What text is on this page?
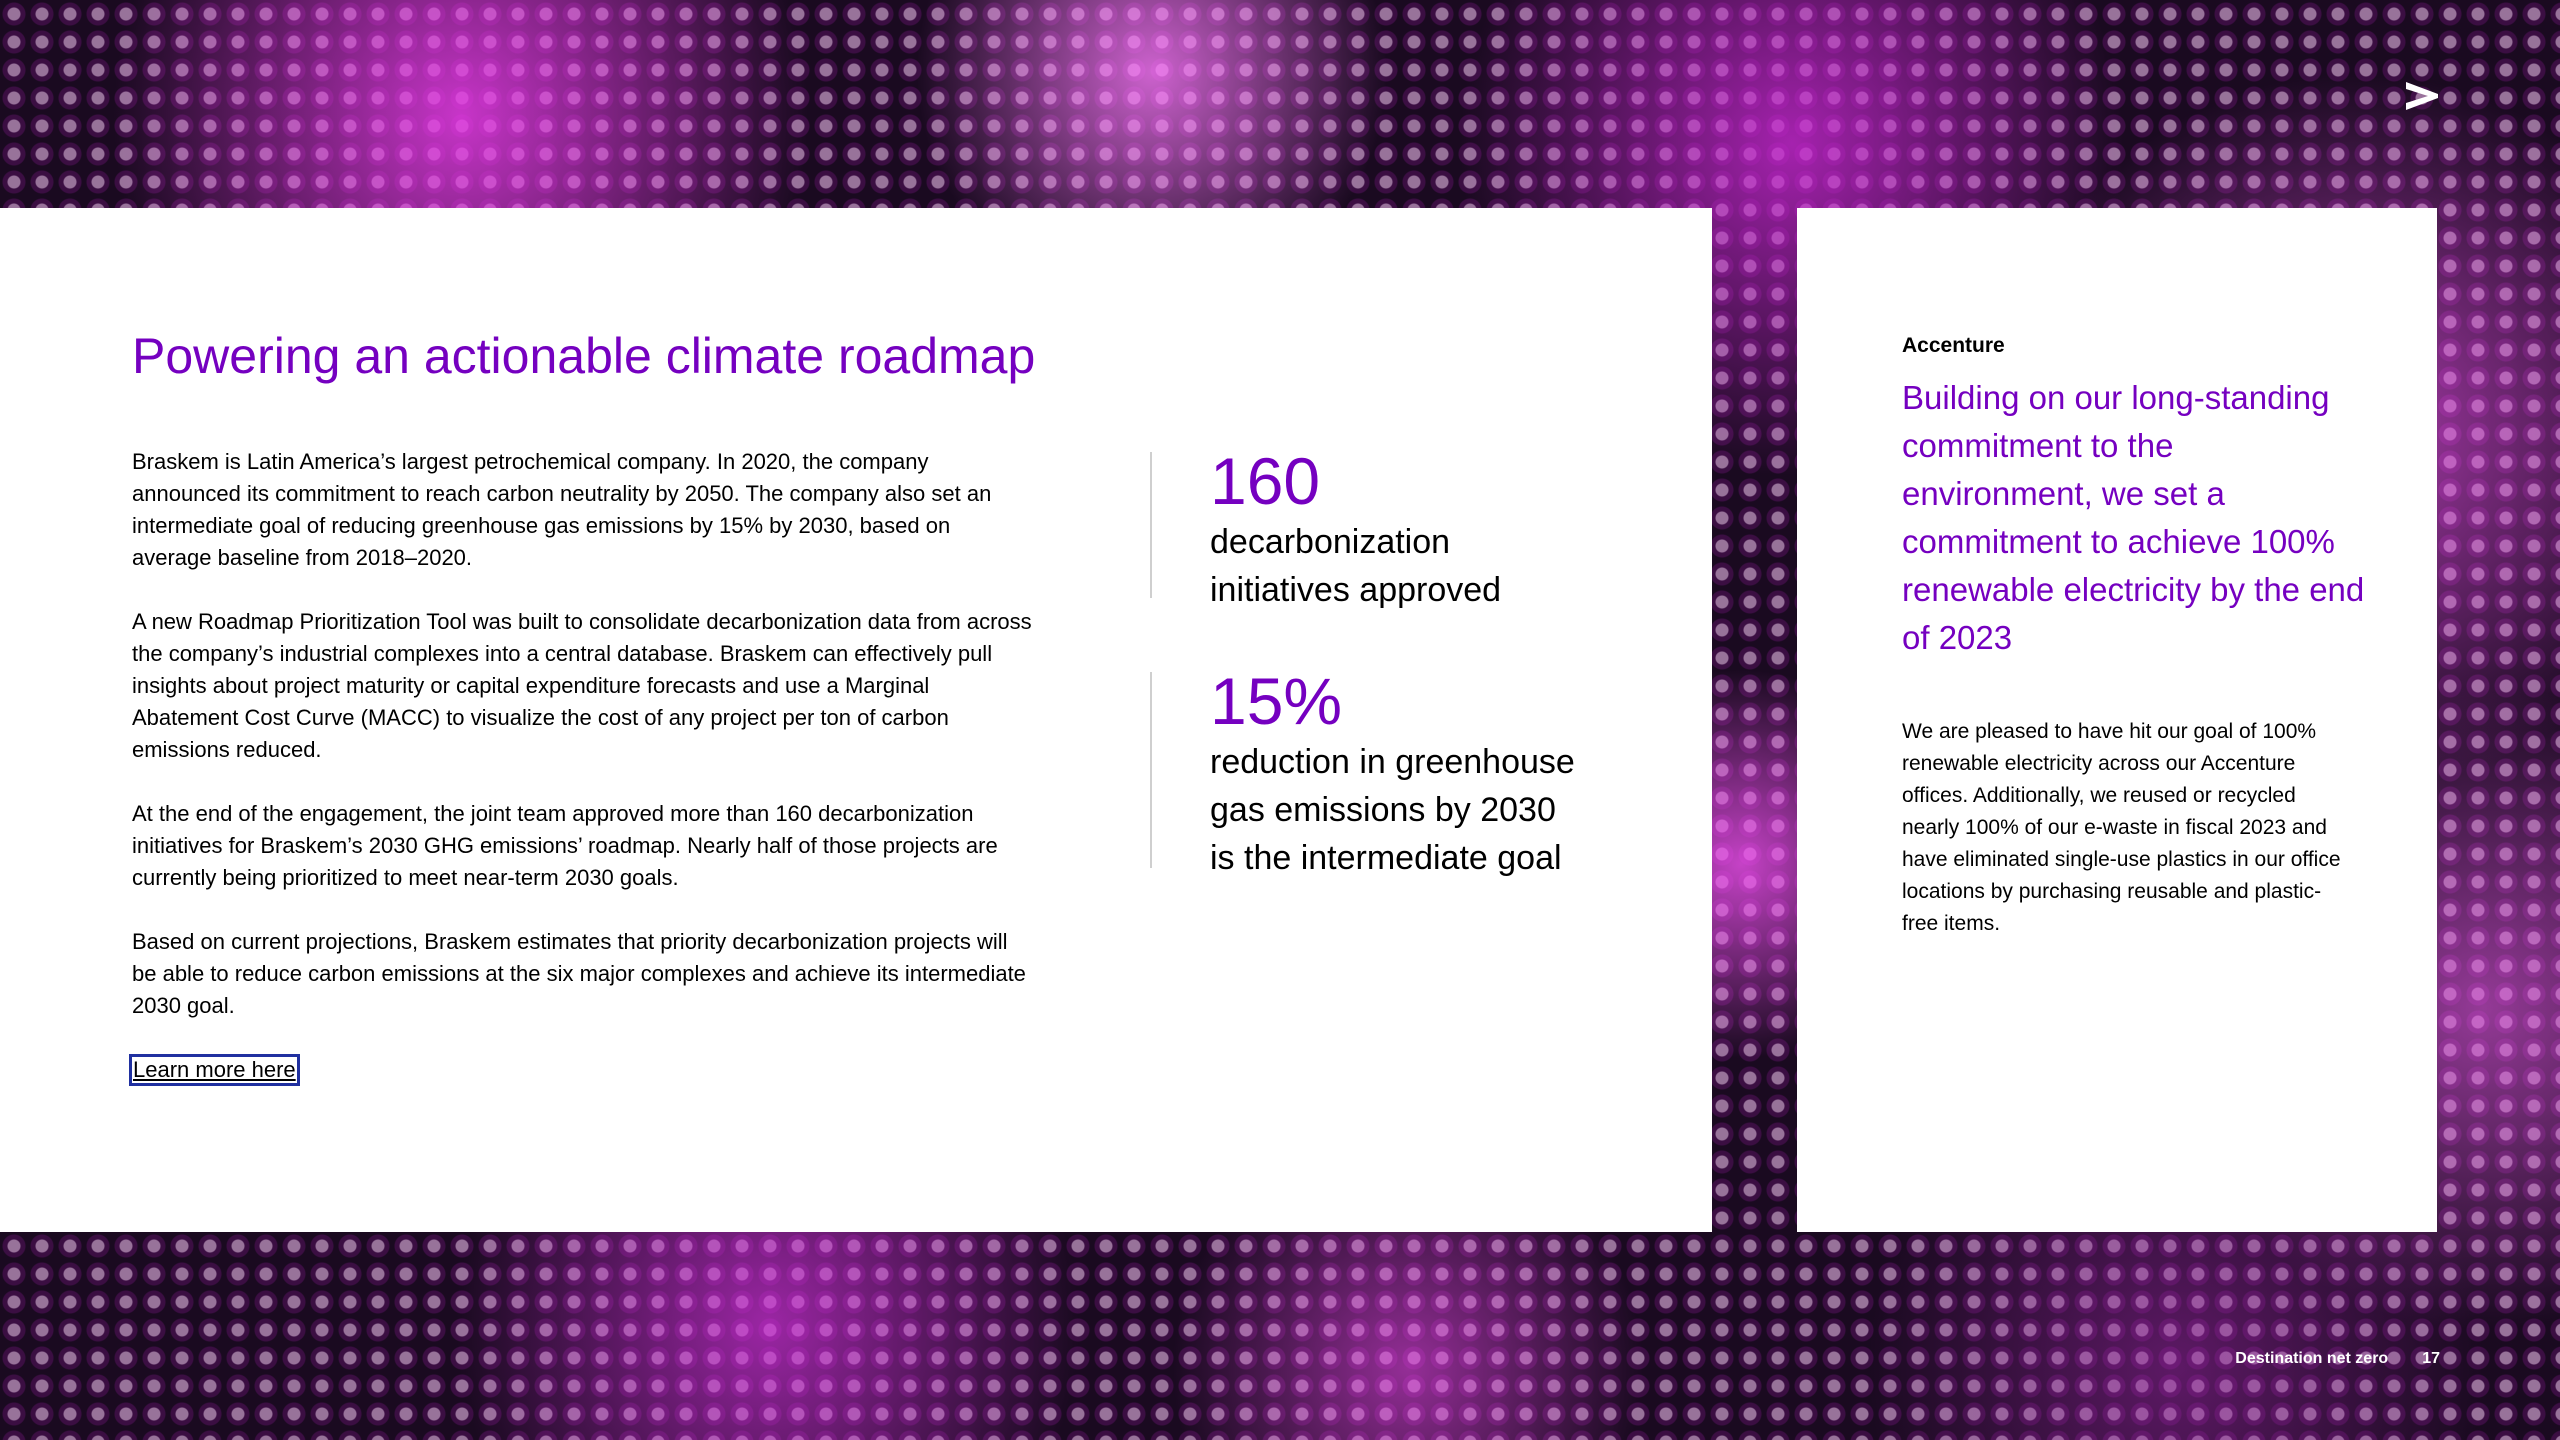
Powering an actionable climate roadmap

Braskem is Latin America’s largest petrochemical company. In 2020, the company announced its commitment to reach carbon neutrality by 2050. The company also set an intermediate goal of reducing greenhouse gas emissions by 15% by 2030, based on average baseline from 2018–2020.

A new Roadmap Prioritization Tool was built to consolidate decarbonization data from across the company’s industrial complexes into a central database. Braskem can effectively pull insights about project maturity or capital expenditure forecasts and use a Marginal Abatement Cost Curve (MACC) to visualize the cost of any project per ton of carbon emissions reduced.

At the end of the engagement, the joint team approved more than 160 decarbonization initiatives for Braskem’s 2030 GHG emissions’ roadmap. Nearly half of those projects are currently being prioritized to meet near-term 2030 goals.

Based on current projections, Braskem estimates that priority decarbonization projects will be able to reduce carbon emissions at the six major complexes and achieve its intermediate 2030 goal.

Learn more here
160
decarbonization
initiatives approved
15%
reduction in greenhouse
gas emissions by 2030
is the intermediate goal
Accenture
Building on our long-standing commitment to the environment, we set a commitment to achieve 100% renewable electricity by the end of 2023
We are pleased to have hit our goal of 100% renewable electricity across our Accenture offices. Additionally, we reused or recycled nearly 100% of our e-waste in fiscal 2023 and have eliminated single-use plastics in our office locations by purchasing reusable and plastic-free items.
Destination net zero 17
